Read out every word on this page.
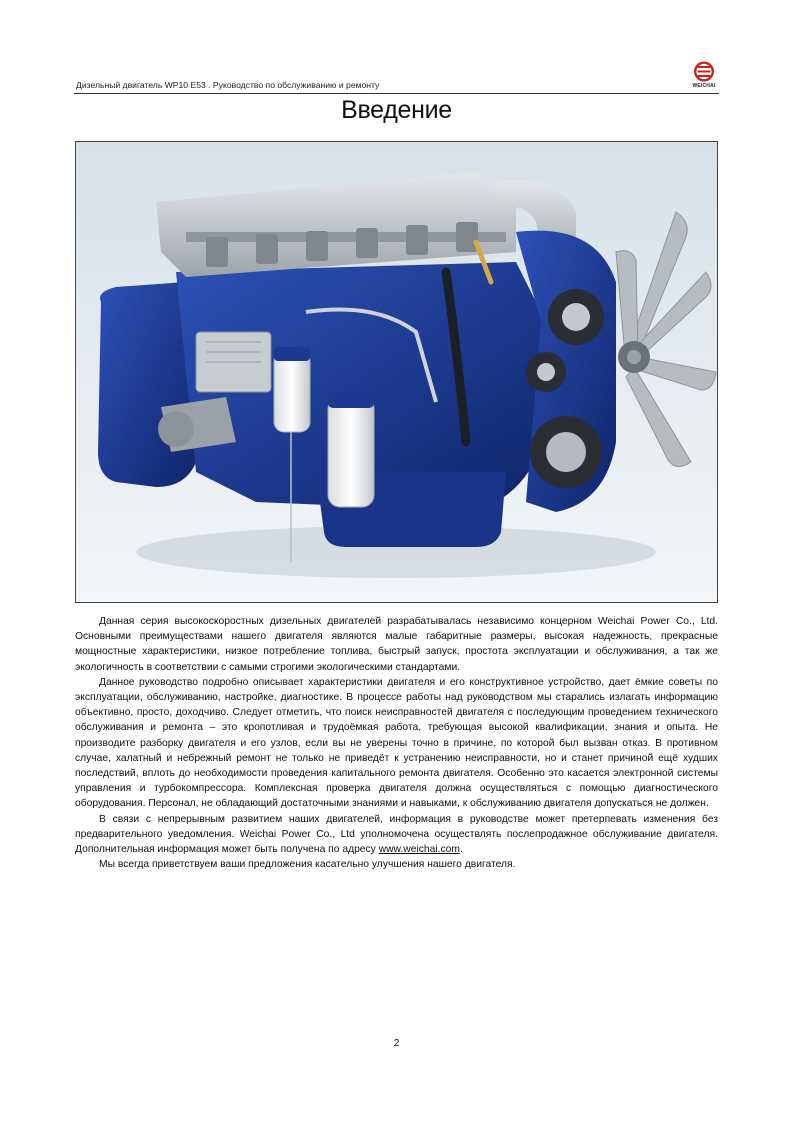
Дизельный двигатель WP10 E53 . Руководство по обслуживанию и ремонту	WEICHAI
Введение

Данная серия высокоскоростных дизельных двигателей разрабатывалась независимо концерном Weichai Power Co., Ltd. Основными преимуществами нашего двигателя являются малые габаритные размеры, высокая надежность, прекрасные мощностные характеристики, низкое потребление топлива, быстрый запуск, простота эксплуатации и обслуживания, а так же экологичность в соответствии с самыми строгими экологическими стандартами.

Данное руководство подробно описывает характеристики двигателя и его конструктивное устройство, дает ёмкие советы по эксплуатации, обслуживанию, настройке, диагностике. В процессе работы над руководством мы старались излагать информацию объективно, просто, доходчиво. Следует отметить, что поиск неисправностей двигателя с последующим проведением технического обслуживания и ремонта – это кропотливая и трудоёмкая работа, требующая высокой квалификации, знания и опыта. Не производите разборку двигателя и его узлов, если вы не уверены точно в причине, по которой был вызван отказ. В противном случае, халатный и небрежный ремонт не только не приведёт к устранению неисправности, но и станет причиной ещё худших последствий, вплоть до необходимости проведения капитального ремонта двигателя. Особенно это касается электронной системы управления и турбокомпрессора. Комплексная проверка двигателя должна осуществляться с помощью диагностического оборудования. Персонал, не обладающий достаточными знаниями и навыками, к обслуживанию двигателя допускаться не должен.

В связи с непрерывным развитием наших двигателей, информация в руководстве может претерпевать изменения без предварительного уведомления. Weichai Power Co., Ltd уполномочена осуществлять послепродажное обслуживание двигателя. Дополнительная информация может быть получена по адресу www.weichai.com.

Мы всегда приветствуем ваши предложения касательно улучшения нашего двигателя.

2
